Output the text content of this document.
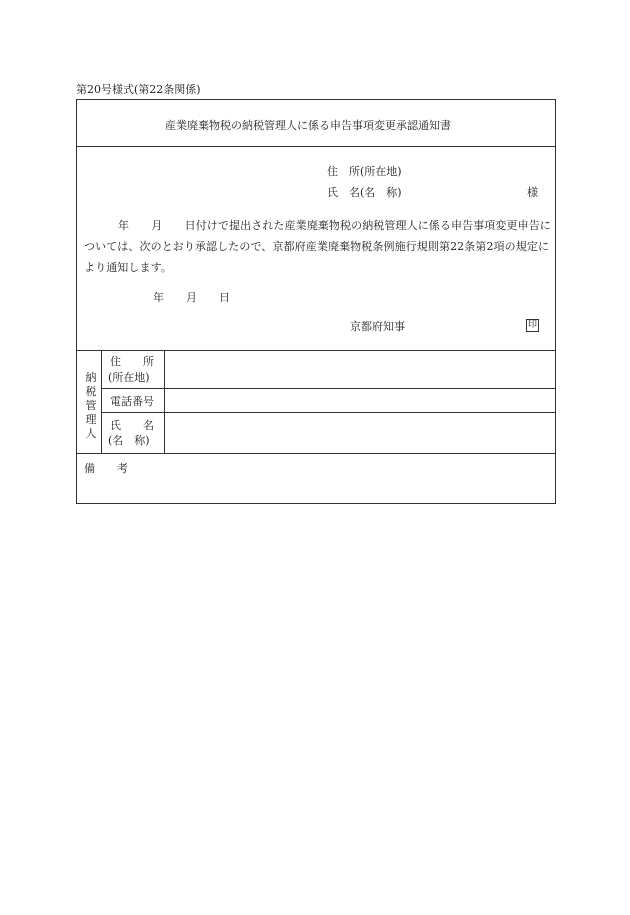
第20号様式(第22条関係)
産業廃棄物税の納税管理人に係る申告事項変更承認通知書
住　所(所在地)
氏　名(名　称)	様
年　　月　　日付けで提出された産業廃棄物税の納税管理人に係る申告事項変更申告については、次のとおり承認したので、京都府産業廃棄物税条例施行規則第22条第2項の規定により通知します。
年　　月　　日
京都府知事	印
納税管理人
住　　所
(所在地)
電話番号
氏　　名
(名　称)
備　　考
